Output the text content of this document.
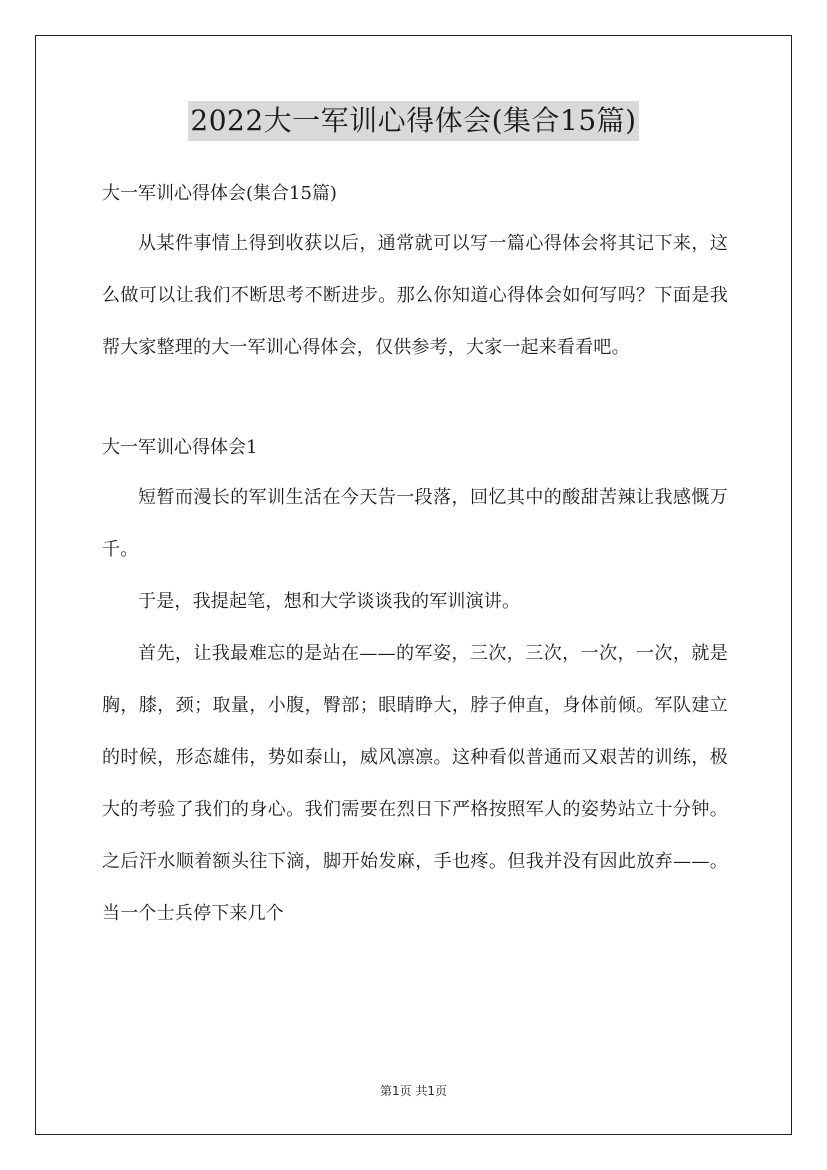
2022大一军训心得体会(集合15篇)

大一军训心得体会(集合15篇)

从某件事情上得到收获以后，通常就可以写一篇心得体会将其记下来，这么做可以让我们不断思考不断进步。那么你知道心得体会如何写吗？下面是我帮大家整理的大一军训心得体会，仅供参考，大家一起来看看吧。

大一军训心得体会1

短暂而漫长的军训生活在今天告一段落，回忆其中的酸甜苦辣让我感慨万千。

于是，我提起笔，想和大学谈谈我的军训演讲。

首先，让我最难忘的是站在——的军姿，三次，三次，一次，一次，就是胸，膝，颈；取量，小腹，臀部；眼睛睁大，脖子伸直，身体前倾。军队建立的时候，形态雄伟，势如泰山，威风凛凛。这种看似普通而又艰苦的训练，极大的考验了我们的身心。我们需要在烈日下严格按照军人的姿势站立十分钟。之后汗水顺着额头往下滴，脚开始发麻，手也疼。但我并没有因此放弃——。当一个士兵停下来几个

第1页 共1页
